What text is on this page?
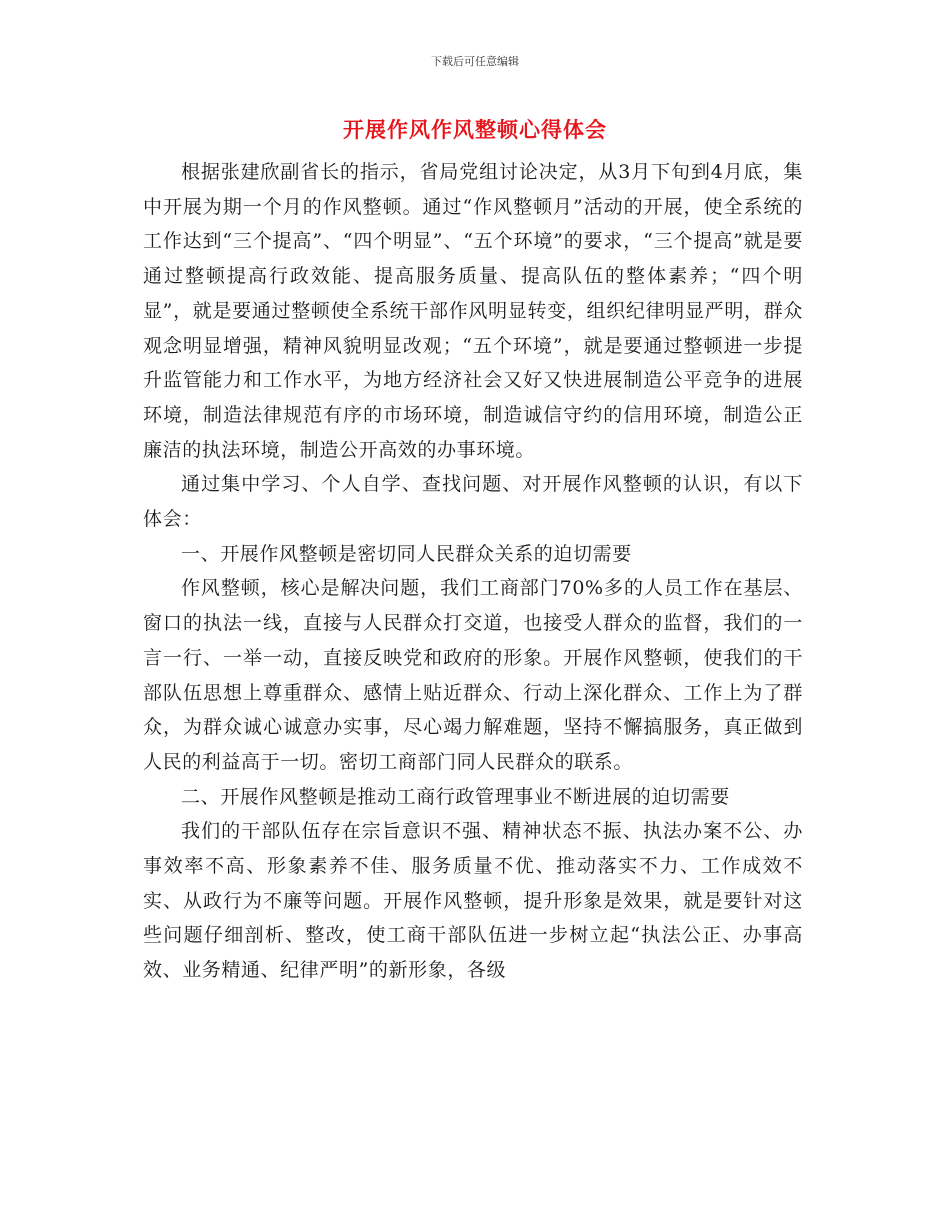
下载后可任意编辑
开展作风作风整顿心得体会

根据张建欣副省长的指示，省局党组讨论决定，从3月下旬到4月底，集中开展为期一个月的作风整顿。通过“作风整顿月”活动的开展，使全系统的工作达到“三个提高”、“四个明显”、“五个环境”的要求，“三个提高”就是要通过整顿提高行政效能、提高服务质量、提高队伍的整体素养；“四个明显”，就是要通过整顿使全系统干部作风明显转变，组织纪律明显严明，群众观念明显增强，精神风貌明显改观；“五个环境”，就是要通过整顿进一步提升监管能力和工作水平，为地方经济社会又好又快进展制造公平竞争的进展环境，制造法律规范有序的市场环境，制造诚信守约的信用环境，制造公正廉洁的执法环境，制造公开高效的办事环境。

通过集中学习、个人自学、查找问题、对开展作风整顿的认识，有以下体会：

一、开展作风整顿是密切同人民群众关系的迫切需要

作风整顿，核心是解决问题，我们工商部门70%多的人员工作在基层、窗口的执法一线，直接与人民群众打交道，也接受人群众的监督，我们的一言一行、一举一动，直接反映党和政府的形象。开展作风整顿，使我们的干部队伍思想上尊重群众、感情上贴近群众、行动上深化群众、工作上为了群众，为群众诚心诚意办实事，尽心竭力解难题，坚持不懈搞服务，真正做到人民的利益高于一切。密切工商部门同人民群众的联系。

二、开展作风整顿是推动工商行政管理事业不断进展的迫切需要

我们的干部队伍存在宗旨意识不强、精神状态不振、执法办案不公、办事效率不高、形象素养不佳、服务质量不优、推动落实不力、工作成效不实、从政行为不廉等问题。开展作风整顿，提升形象是效果，就是要针对这些问题仔细剖析、整改，使工商干部队伍进一步树立起“执法公正、办事高效、业务精通、纪律严明”的新形象，各级
